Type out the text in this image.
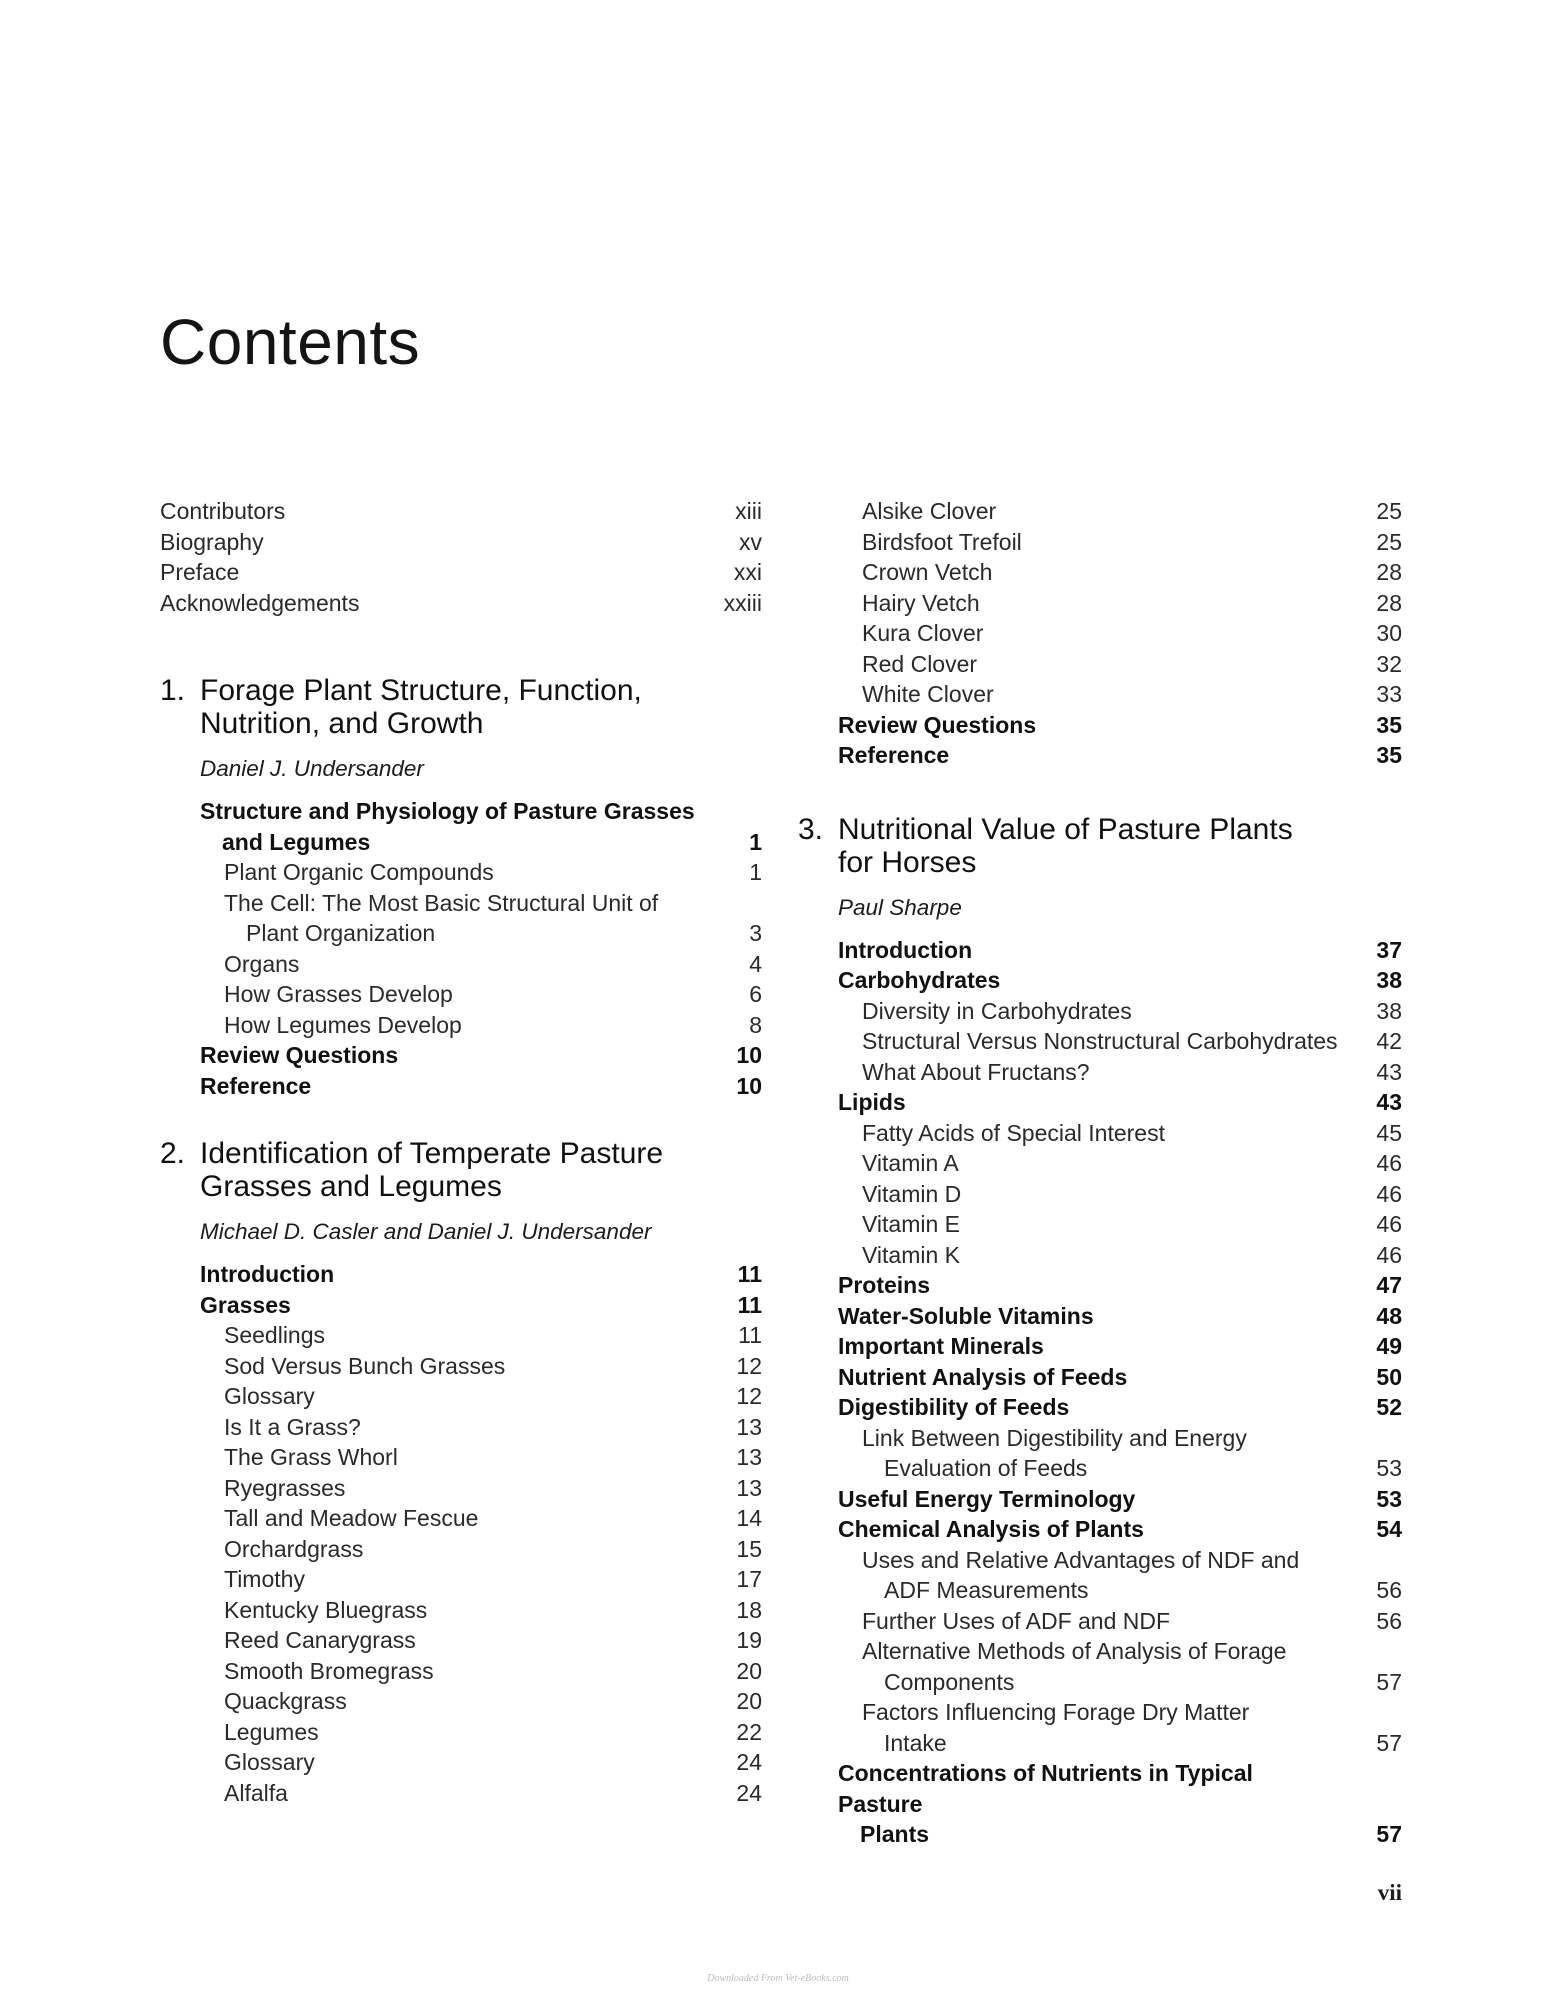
Contents
Contributors	xiii
Biography	xv
Preface	xxi
Acknowledgements	xxiii
1. Forage Plant Structure, Function,
Nutrition, and Growth
Daniel J. Undersander
Structure and Physiology of Pasture Grasses
and Legumes	1
Plant Organic Compounds	1
The Cell: The Most Basic Structural Unit of
Plant Organization	3
Organs	4
How Grasses Develop	6
How Legumes Develop	8
Review Questions	10
Reference	10
2. Identification of Temperate Pasture
Grasses and Legumes
Michael D. Casler and Daniel J. Undersander
Introduction	11
Grasses	11
Seedlings	11
Sod Versus Bunch Grasses	12
Glossary	12
Is It a Grass?	13
The Grass Whorl	13
Ryegrasses	13
Tall and Meadow Fescue	14
Orchardgrass	15
Timothy	17
Kentucky Bluegrass	18
Reed Canarygrass	19
Smooth Bromegrass	20
Quackgrass	20
Legumes	22
Glossary	24
Alfalfa	24
Alsike Clover	25
Birdsfoot Trefoil	25
Crown Vetch	28
Hairy Vetch	28
Kura Clover	30
Red Clover	32
White Clover	33
Review Questions	35
Reference	35
3. Nutritional Value of Pasture Plants
for Horses
Paul Sharpe
Introduction	37
Carbohydrates	38
Diversity in Carbohydrates	38
Structural Versus Nonstructural Carbohydrates	42
What About Fructans?	43
Lipids	43
Fatty Acids of Special Interest	45
Vitamin A	46
Vitamin D	46
Vitamin E	46
Vitamin K	46
Proteins	47
Water-Soluble Vitamins	48
Important Minerals	49
Nutrient Analysis of Feeds	50
Digestibility of Feeds	52
Link Between Digestibility and Energy
Evaluation of Feeds	53
Useful Energy Terminology	53
Chemical Analysis of Plants	54
Uses and Relative Advantages of NDF and
ADF Measurements	56
Further Uses of ADF and NDF	56
Alternative Methods of Analysis of Forage
Components	57
Factors Influencing Forage Dry Matter
Intake	57
Concentrations of Nutrients in Typical Pasture
Plants	57
vii
Downloaded From Vet-eBooks.com
